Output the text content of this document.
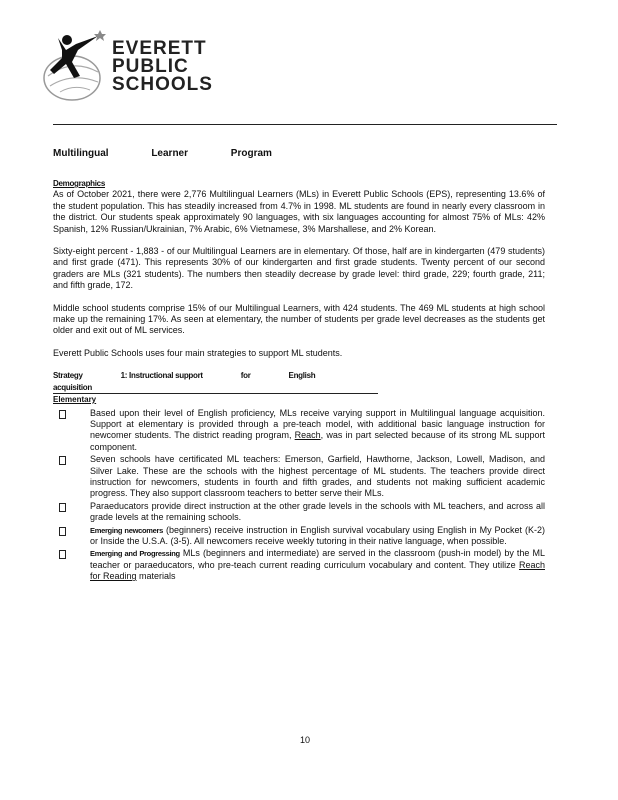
EVERETT
PUBLIC
SCHOOLS
Multilingual Learner Program
Demographics

As of October 2021, there were 2,776 Multilingual Learners (MLs) in Everett Public Schools (EPS), representing 13.6% of the student population. This has steadily increased from 4.7% in 1998. ML students are found in nearly every classroom in the district. Our students speak approximately 90 languages, with six languages accounting for almost 75% of MLs: 42% Spanish, 12% Russian/Ukrainian, 7% Arabic, 6% Vietnamese, 3% Marshallese, and 2% Korean.

Sixty-eight percent - 1,883 - of our Multilingual Learners are in elementary. Of those, half are in kindergarten (479 students) and first grade (471). This represents 30% of our kindergarten and first grade students. Twenty percent of our second graders are MLs (321 students). The numbers then steadily decrease by grade level: third grade, 229; fourth grade, 211; and fifth grade, 172.

Middle school students comprise 15% of our Multilingual Learners, with 424 students. The 469 ML students at high school make up the remaining 17%. As seen at elementary, the number of students per grade level decreases as the students get older and exit out of ML services.

Everett Public Schools uses four main strategies to support ML students.

Strategy	1: Instructional support	for	Englishacquisition
Elementary
Based upon their level of English proficiency, MLs receive varying support in Multilingual language acquisition. Support at elementary is provided through a pre-teach model, with additional basic language instruction for newcomer students. The district reading program, Reach, was in part selected because of its strong ML support component.
Seven schools have certificated ML teachers: Emerson, Garfield, Hawthorne, Jackson, Lowell, Madison, and Silver Lake. These are the schools with the highest percentage of ML students. The teachers provide direct instruction for newcomers, students in fourth and fifth grades, and students not making sufficient academic progress. They also support classroom teachers to better serve their MLs.
Paraeducators provide direct instruction at the other grade levels in the schools with ML teachers, and across all grade levels at the remaining schools.
Emerging newcomers (beginners) receive instruction in English survival vocabulary using English in My Pocket (K-2) or Inside the U.S.A. (3-5). All newcomers receive weekly tutoring in their native language, when possible.
Emerging and Progressing MLs (beginners and intermediate) are served in the classroom (push-in model) by the ML teacher or paraeducators, who pre-teach current reading curriculum vocabulary and content. They utilize Reach for Reading materials
10
